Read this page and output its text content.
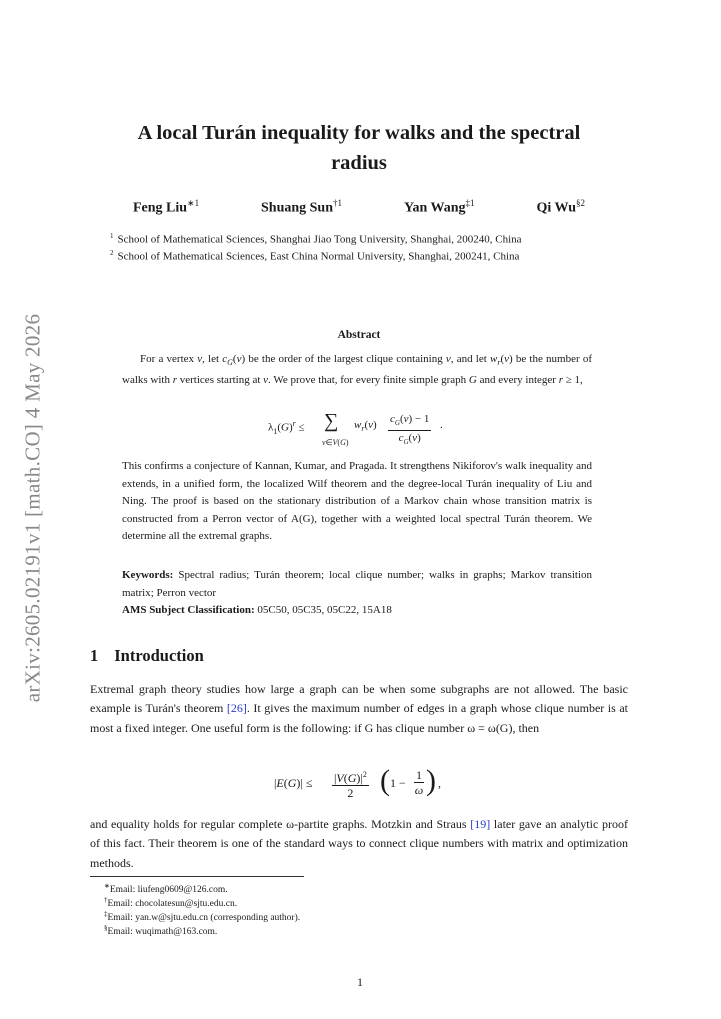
arXiv:2605.02191v1 [math.CO] 4 May 2026
A local Turán inequality for walks and the spectral
radius
Feng Liu$^{∗1}$	Shuang Sun$^{\dagger 1}$	Yan Wang$^{\ddagger 1}$	Qi Wu$^{\S 2}$
$^1$ School of Mathematical Sciences, Shanghai Jiao Tong University, Shanghai, 200240, China
$^2$ School of Mathematical Sciences, East China Normal University, Shanghai, 200241, China
Abstract

For a vertex v, let $c_G(v)$ be the order of the largest clique containing v, and let $w_r(v)$ be the number of walks with r vertices starting at v. We prove that, for every finite simple graph G and every integer r ≥ 1,

$\lambda_1(G)^r$ ≤ ∑
v∈V(G)
$w_r(v) \frac{c_G(v) - 1}{c_G(v)}$ .

This confirms a conjecture of Kannan, Kumar, and Pragada. It strengthens Nikiforov's walk inequality and extends, in a unified form, the localized Wilf theorem and the degree-local Turán inequality of Liu and Ning. The proof is based on the stationary distribution of a Markov chain whose transition matrix is constructed from a Perron vector of A(G), together with a weighted local spectral Turán theorem. We determine all the extremal graphs.

Keywords: Spectral radius; Turán theorem; local clique number; walks in graphs; Markov transition matrix; Perron vector
AMS Subject Classification: 05C50, 05C35, 05C22, 15A18
1 Introduction

Extremal graph theory studies how large a graph can be when some subgraphs are not allowed. The basic example is Turán's theorem [26]. It gives the maximum number of edges in a graph whose clique number is at most a fixed integer. One useful form is the following: if G has clique number ω = ω(G), then

$|E(G)| \le \frac{|V(G)|^2}{2}$ ( $1 - \frac{1}{\omega}$ ) ,

and equality holds for regular complete ω-partite graphs. Motzkin and Straus [19] later gave an analytic proof of this fact. Their theorem is one of the standard ways to connect clique numbers with matrix and optimization methods.

∗Email: liufeng0609@126.com.
†Email: chocolatesun@sjtu.edu.cn.
‡Email: yan.w@sjtu.edu.cn (corresponding author).
§Email: wuqimath@163.com.
1
